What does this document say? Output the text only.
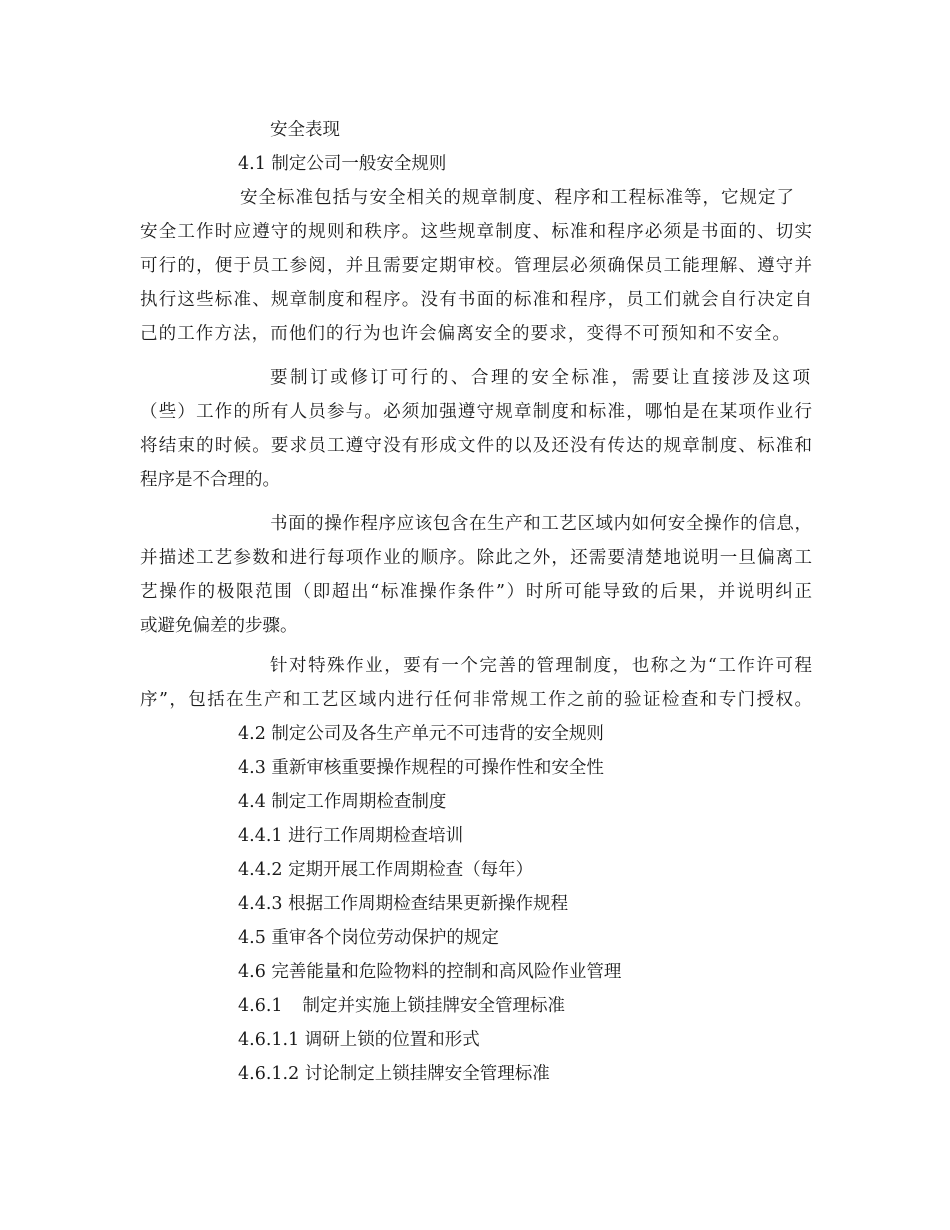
安全表现
4.1 制定公司一般安全规则
安全标准包括与安全相关的规章制度、程序和工程标准等，它规定了
安全工作时应遵守的规则和秩序。这些规章制度、标准和程序必须是书面的、切实
可行的，便于员工参阅，并且需要定期审校。管理层必须确保员工能理解、遵守并
执行这些标准、规章制度和程序。没有书面的标准和程序，员工们就会自行决定自
己的工作方法，而他们的行为也许会偏离安全的要求，变得不可预知和不安全。
要制订或修订可行的、合理的安全标准，需要让直接涉及这项
（些）工作的所有人员参与。必须加强遵守规章制度和标准，哪怕是在某项作业行
将结束的时候。要求员工遵守没有形成文件的以及还没有传达的规章制度、标准和
程序是不合理的。
书面的操作程序应该包含在生产和工艺区域内如何安全操作的信息，
并描述工艺参数和进行每项作业的顺序。除此之外，还需要清楚地说明一旦偏离工
艺操作的极限范围（即超出“标准操作条件”）时所可能导致的后果，并说明纠正
或避免偏差的步骤。
针对特殊作业，要有一个完善的管理制度，也称之为“工作许可程
序”，包括在生产和工艺区域内进行任何非常规工作之前的验证检查和专门授权。
4.2 制定公司及各生产单元不可违背的安全规则
4.3 重新审核重要操作规程的可操作性和安全性
4.4 制定工作周期检查制度
4.4.1 进行工作周期检查培训
4.4.2 定期开展工作周期检查（每年）
4.4.3 根据工作周期检查结果更新操作规程
4.5 重审各个岗位劳动保护的规定
4.6 完善能量和危险物料的控制和高风险作业管理
4.6.1 制定并实施上锁挂牌安全管理标准
4.6.1.1 调研上锁的位置和形式
4.6.1.2 讨论制定上锁挂牌安全管理标准
